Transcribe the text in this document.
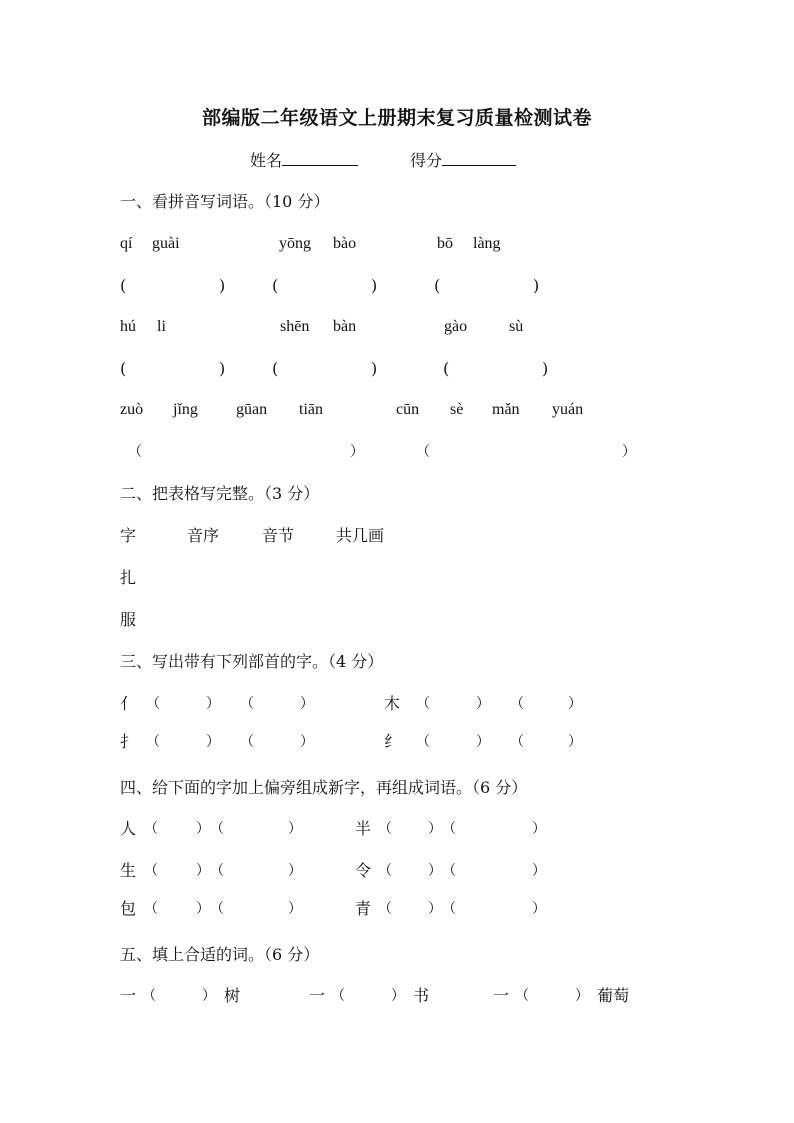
部编版二年级语文上册期末复习质量检测试卷
姓名	得分
一、看拼音写词语。（10 分）
qí guài	yōng bào	bō làng
(	)	(	)	(	)
hú li	shēn bàn	gào	sù
(	)	(	)	(	)
zuò jǐng gūan tiān	cūn sè mǎn yuán
（	）	（	）
二、把表格写完整。（3 分）
字	音序	音节	共几画
扎
服
三、写出带有下列部首的字。（4 分）
亻 （	） （	）	木 （	） （	）
扌 （	） （	）	纟 （	） （	）
四、给下面的字加上偏旁组成新字，再组成词语。（6 分）
人 （	） （	）	半 （	） （	）
生 （	） （	）	令 （	） （	）
包 （	） （	）	青 （	） （	）
五、填上合适的词。（6 分）
一 （	） 树	一 （	） 书	一 （	） 葡萄
